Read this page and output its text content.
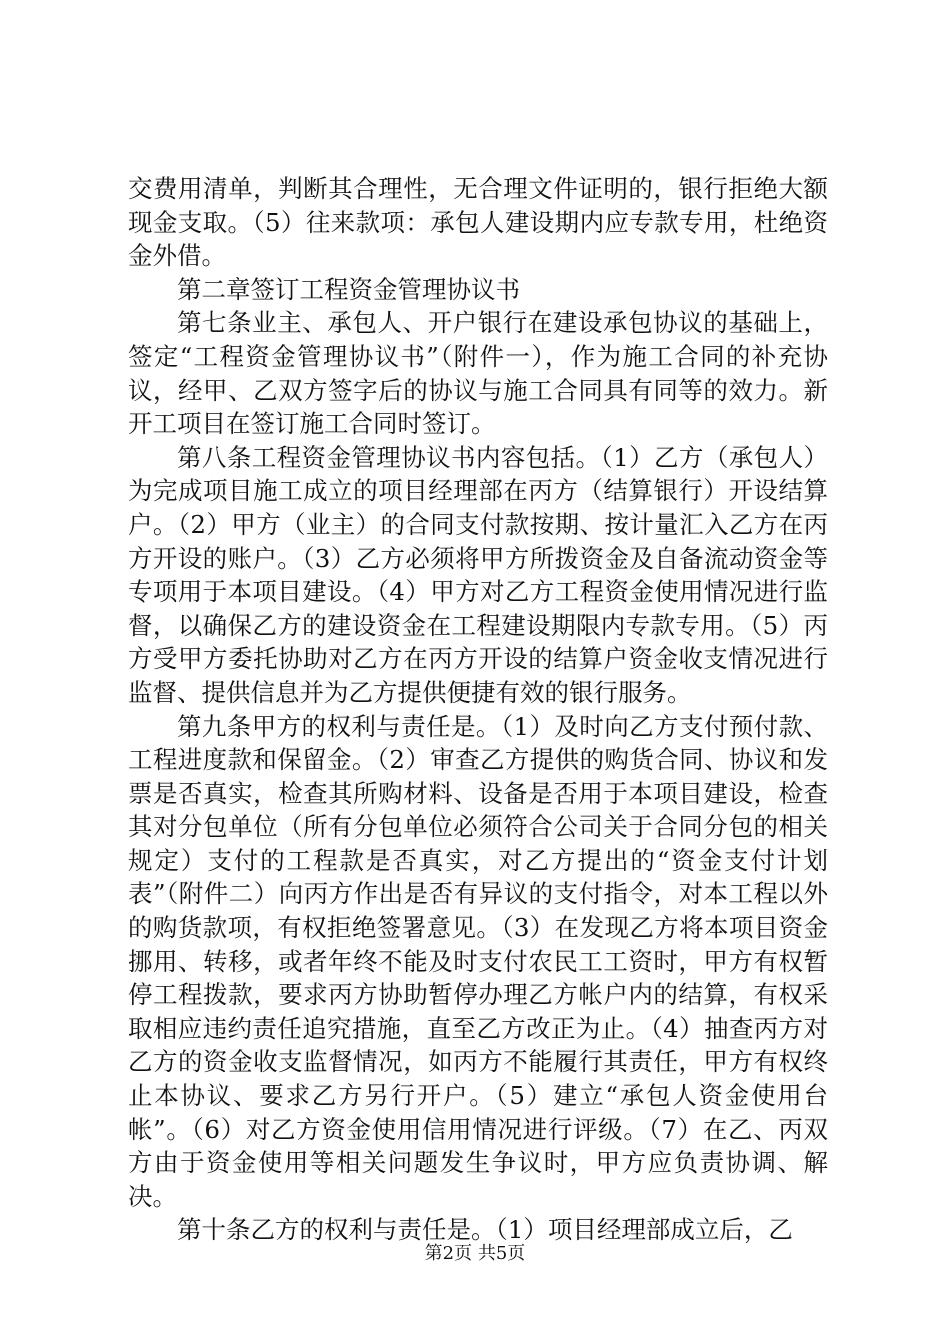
交费用清单，判断其合理性，无合理文件证明的，银行拒绝大额现金支取。（5）往来款项：承包人建设期内应专款专用，杜绝资金外借。

第二章签订工程资金管理协议书

第七条业主、承包人、开户银行在建设承包协议的基础上，签定“工程资金管理协议书”（附件一），作为施工合同的补充协议，经甲、乙双方签字后的协议与施工合同具有同等的效力。新开工项目在签订施工合同时签订。

第八条工程资金管理协议书内容包括。（1）乙方（承包人）为完成项目施工成立的项目经理部在丙方（结算银行）开设结算户。（2）甲方（业主）的合同支付款按期、按计量汇入乙方在丙方开设的账户。（3）乙方必须将甲方所拨资金及自备流动资金等专项用于本项目建设。（4）甲方对乙方工程资金使用情况进行监督，以确保乙方的建设资金在工程建设期限内专款专用。（5）丙方受甲方委托协助对乙方在丙方开设的结算户资金收支情况进行监督、提供信息并为乙方提供便捷有效的银行服务。

第九条甲方的权利与责任是。（1）及时向乙方支付预付款、工程进度款和保留金。（2）审查乙方提供的购货合同、协议和发票是否真实，检查其所购材料、设备是否用于本项目建设，检查其对分包单位（所有分包单位必须符合公司关于合同分包的相关规定）支付的工程款是否真实，对乙方提出的“资金支付计划表”（附件二）向丙方作出是否有异议的支付指令，对本工程以外的购货款项，有权拒绝签署意见。（3）在发现乙方将本项目资金挪用、转移，或者年终不能及时支付农民工工资时，甲方有权暂停工程拨款，要求丙方协助暂停办理乙方帐户内的结算，有权采取相应违约责任追究措施，直至乙方改正为止。（4）抽查丙方对乙方的资金收支监督情况，如丙方不能履行其责任，甲方有权终止本协议、要求乙方另行开户。（5）建立“承包人资金使用台帐”。（6）对乙方资金使用信用情况进行评级。（7）在乙、丙双方由于资金使用等相关问题发生争议时，甲方应负责协调、解决。

第十条乙方的权利与责任是。（1）项目经理部成立后，乙

第2页 共5页
